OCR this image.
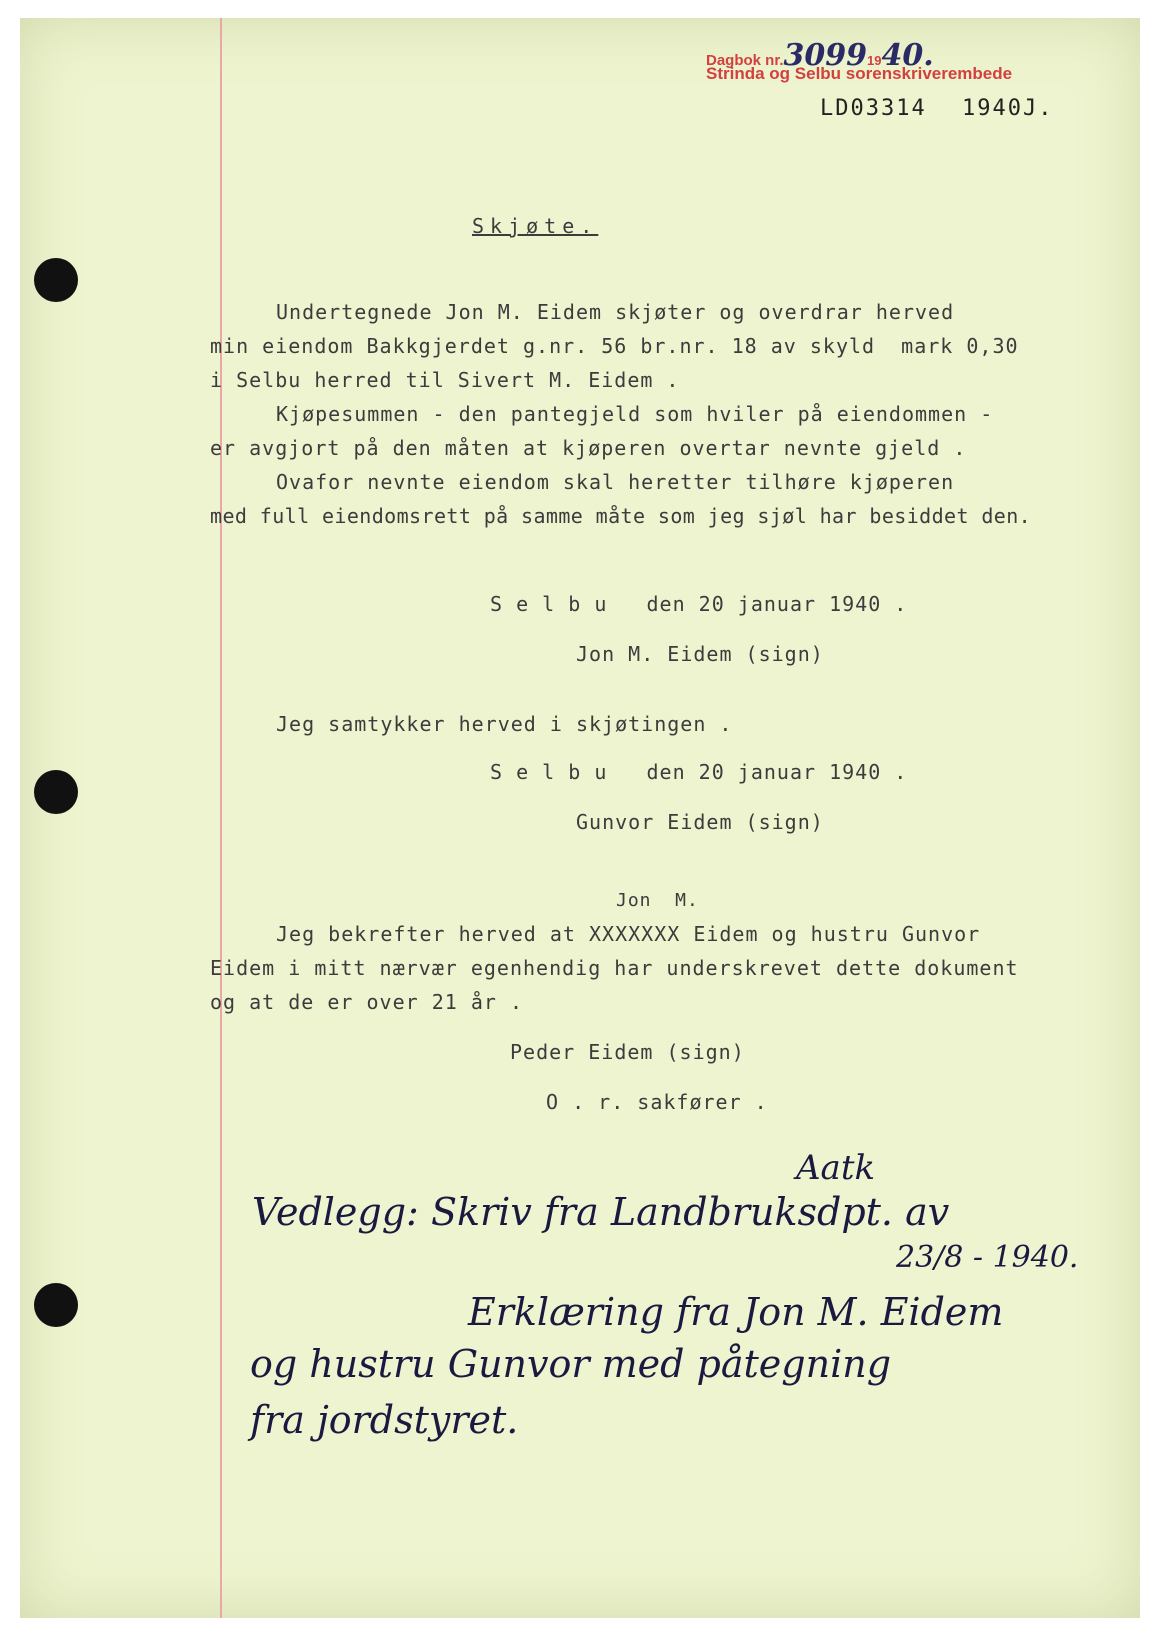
Dagbok nr.30991940.
Strinda og Selbu sorenskriverembede
LD03314 1940J.
Skjøte.
Undertegnede Jon M. Eidem skjøter og overdrar herved
min eiendom Bakkgjerdet g.nr. 56 br.nr. 18 av skyld  mark 0,30
i Selbu herred til Sivert M. Eidem .
Kjøpesummen - den pantegjeld som hviler på eiendommen -
er avgjort på den måten at kjøperen overtar nevnte gjeld .
Ovafor nevnte eiendom skal heretter tilhøre kjøperen
med full eiendomsrett på samme måte som jeg sjøl har besiddet den.
S e l b u   den 20 januar 1940 .
Jon M. Eidem (sign)
Jeg samtykker herved i skjøtingen .
S e l b u   den 20 januar 1940 .
Gunvor Eidem (sign)
Jon  M.
Jeg bekrefter herved at XXXXXXX Eidem og hustru Gunvor
Eidem i mitt nærvær egenhendig har underskrevet dette dokument
og at de er over 21 år .
Peder Eidem (sign)
O . r. sakfører .
Aatk
Vedlegg: Skriv fra Landbruksdpt. av
23/8 - 1940.
Erklæring fra Jon M. Eidem
og hustru Gunvor med påtegning
fra jordstyret.
